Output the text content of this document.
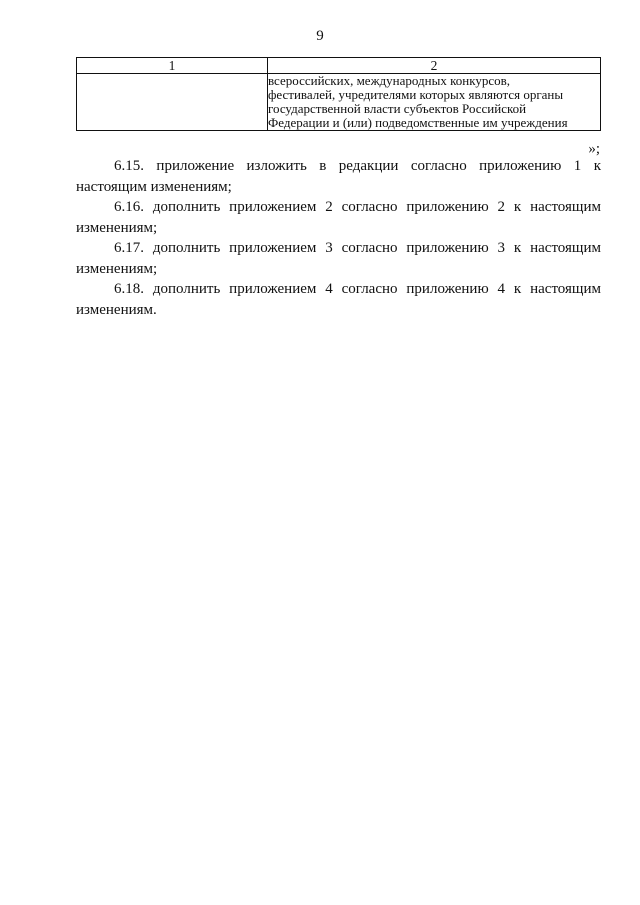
9
1	2

	всероссийских, международных конкурсов,
фестивалей, учредителями которых являются органы
государственной власти субъектов Российской
Федерации и (или) подведомственные им учреждения
»;

6.15. приложение изложить в редакции согласно приложению 1 к настоящим изменениям;

6.16. дополнить приложением 2 согласно приложению 2 к настоящим изменениям;

6.17. дополнить приложением 3 согласно приложению 3 к настоящим изменениям;

6.18. дополнить приложением 4 согласно приложению 4 к настоящим изменениям.
